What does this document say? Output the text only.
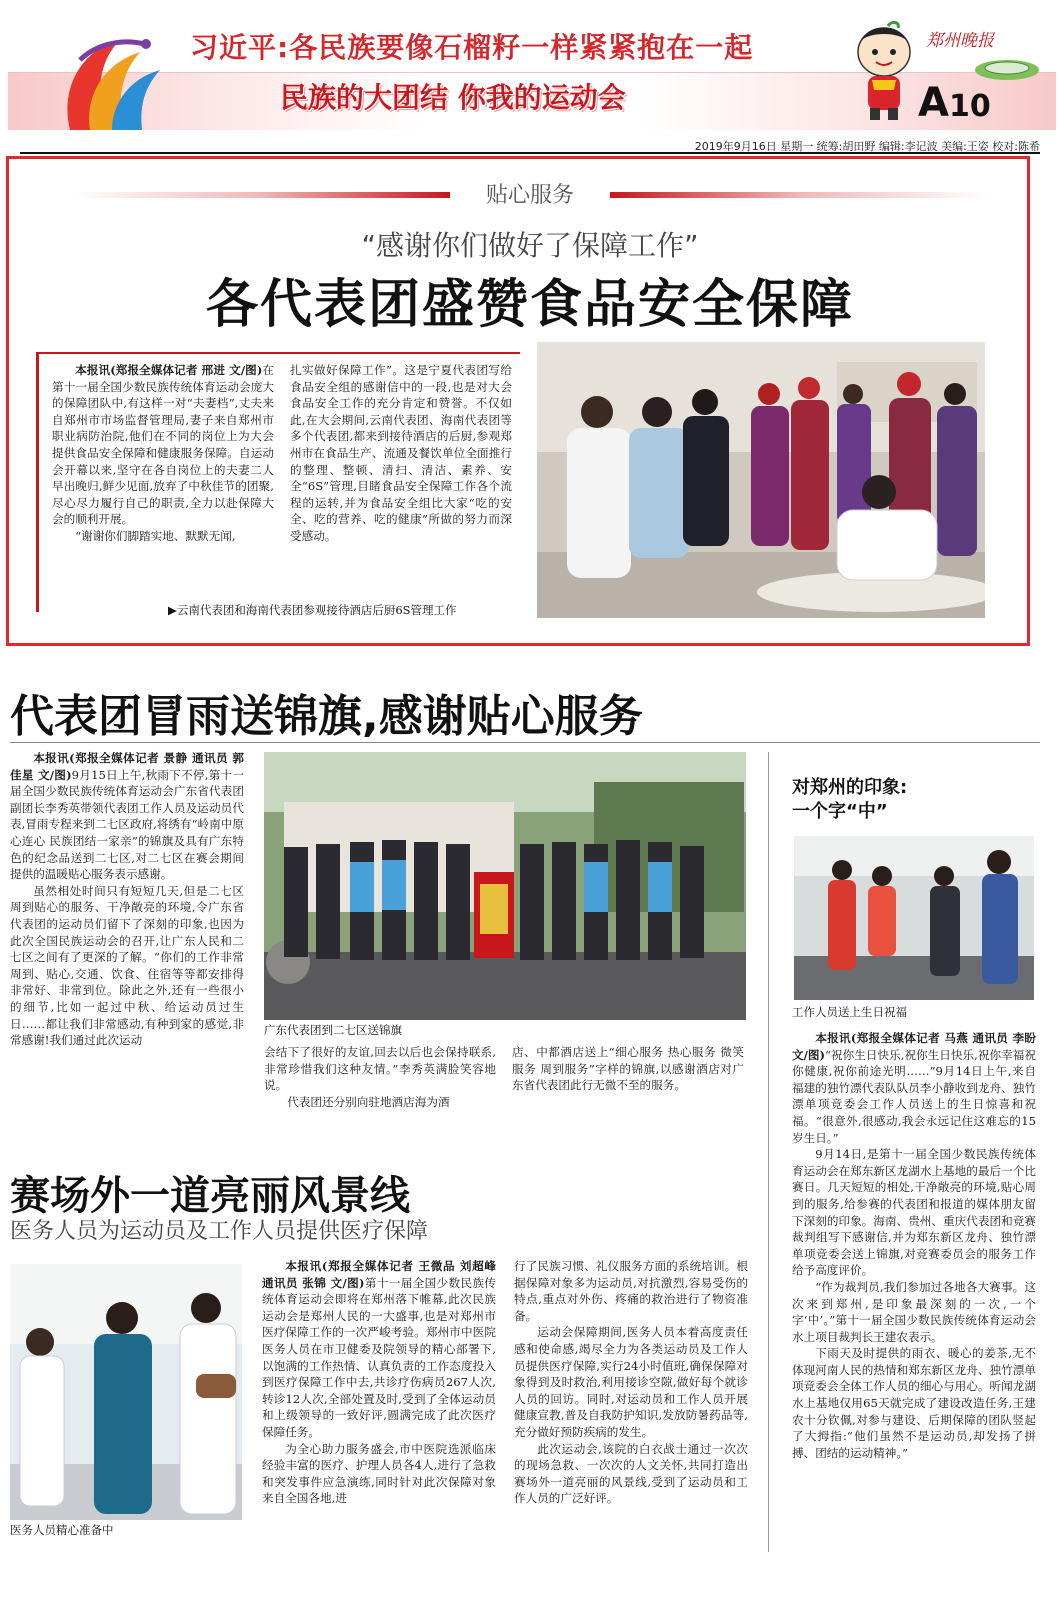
习近平:各民族要像石榴籽一样紧紧抱在一起
民族的大团结 你我的运动会
郑州晚报
A10
2019年9月16日 星期一 统筹:胡田野 编辑:李记波 美编:王姿 校对:陈希
贴心服务
“感谢你们做好了保障工作”
各代表团盛赞食品安全保障

本报讯(郑报全媒体记者 邢进 文/图)在第十一届全国少数民族传统体育运动会庞大的保障团队中,有这样一对“夫妻档”,丈夫来自郑州市市场监督管理局,妻子来自郑州市职业病防治院,他们在不同的岗位上为大会提供食品安全保障和健康服务保障。自运动会开幕以来,坚守在各自岗位上的夫妻二人早出晚归,鲜少见面,放弃了中秋佳节的团聚,尽心尽力履行自己的职责,全力以赴保障大会的顺利开展。

“谢谢你们脚踏实地、默默无闻,

扎实做好保障工作”。这是宁夏代表团写给食品安全组的感谢信中的一段,也是对大会食品安全工作的充分肯定和赞誉。不仅如此,在大会期间,云南代表团、海南代表团等多个代表团,都来到接待酒店的后厨,参观郑州市在食品生产、流通及餐饮单位全面推行的整理、整顿、清扫、清洁、素养、安全“6S”管理,目睹食品安全保障工作各个流程的运转,并为食品安全组比大家“吃的安全、吃的营养、吃的健康”所做的努力而深受感动。

▶云南代表团和海南代表团参观接待酒店后厨6S管理工作
代表团冒雨送锦旗,感谢贴心服务

本报讯(郑报全媒体记者 景静 通讯员 郭佳星 文/图)9月15日上午,秋雨下不停,第十一届全国少数民族传统体育运动会广东省代表团副团长李秀英带领代表团工作人员及运动员代表,冒雨专程来到二七区政府,将绣有“岭南中原心连心 民族团结一家亲”的锦旗及具有广东特色的纪念品送到二七区,对二七区在赛会期间提供的温暖贴心服务表示感谢。

虽然相处时间只有短短几天,但是二七区周到贴心的服务、干净敞亮的环境,令广东省代表团的运动员们留下了深刻的印象,也因为此次全国民族运动会的召开,让广东人民和二七区之间有了更深的了解。“你们的工作非常周到、贴心,交通、饮食、住宿等等都安排得非常好、非常到位。除此之外,还有一些很小的细节,比如一起过中秋、给运动员过生日……都让我们非常感动,有种到家的感觉,非常感谢!我们通过此次运动

广东代表团到二七区送锦旗

会结下了很好的友谊,回去以后也会保持联系,非常珍惜我们这种友情。”李秀英满脸笑容地说。

代表团还分别向驻地酒店海为酒

店、中都酒店送上“细心服务 热心服务 微笑服务 周到服务”字样的锦旗,以感谢酒店对广东省代表团此行无微不至的服务。

对郑州的印象:
一个字“中”
工作人员送上生日祝福

本报讯(郑报全媒体记者 马燕 通讯员 李盼 文/图)“祝你生日快乐,祝你生日快乐,祝你幸福祝你健康,祝你前途光明……”9月14日上午,来自福建的独竹漂代表队队员李小静收到龙舟、独竹漂单项竞委会工作人员送上的生日惊喜和祝福。“很意外,很感动,我会永远记住这难忘的15岁生日。”

9月14日,是第十一届全国少数民族传统体育运动会在郑东新区龙湖水上基地的最后一个比赛日。几天短短的相处,干净敞亮的环境,贴心周到的服务,给参赛的代表团和报道的媒体朋友留下深刻的印象。海南、贵州、重庆代表团和竞赛裁判组写下感谢信,并为郑东新区龙舟、独竹漂单项竞委会送上锦旗,对竞赛委员会的服务工作给予高度评价。

“作为裁判员,我们参加过各地各大赛事。这次来到郑州,是印象最深刻的一次,一个字‘中’。”第十一届全国少数民族传统体育运动会水上项目裁判长王建农表示。

下雨天及时提供的雨衣、暖心的姜茶,无不体现河南人民的热情和郑东新区龙舟、独竹漂单项竞委会全体工作人员的细心与用心。听闻龙湖水上基地仅用65天就完成了建设改造任务,王建农十分钦佩,对参与建设、后期保障的团队竖起了大拇指:“他们虽然不是运动员,却发扬了拼搏、团结的运动精神。”

赛场外一道亮丽风景线
医务人员为运动员及工作人员提供医疗保障
医务人员精心准备中

本报讯(郑报全媒体记者 王微品 刘超峰 通讯员 张锦 文/图)第十一届全国少数民族传统体育运动会即将在郑州落下帷幕,此次民族运动会是郑州人民的一大盛事,也是对郑州市医疗保障工作的一次严峻考验。郑州市中医院医务人员在市卫健委及院领导的精心部署下,以饱满的工作热情、认真负责的工作态度投入到医疗保障工作中去,共诊疗伤病员267人次,转诊12人次,全部处置及时,受到了全体运动员和上级领导的一致好评,圆满完成了此次医疗保障任务。

为全心助力服务盛会,市中医院选派临床经验丰富的医疗、护理人员各4人,进行了急救和突发事件应急演练,同时针对此次保障对象来自全国各地,进

行了民族习惯、礼仪服务方面的系统培训。根据保障对象多为运动员,对抗激烈,容易受伤的特点,重点对外伤、疼痛的救治进行了物资准备。

运动会保障期间,医务人员本着高度责任感和使命感,竭尽全力为各类运动员及工作人员提供医疗保障,实行24小时值班,确保保障对象得到及时救治,利用接诊空隙,做好每个就诊人员的回访。同时,对运动员和工作人员开展健康宣教,普及自我防护知识,发放防暑药品等,充分做好预防疾病的发生。

此次运动会,该院的白衣战士通过一次次的现场急救、一次次的人文关怀,共同打造出赛场外一道亮丽的风景线,受到了运动员和工作人员的广泛好评。
